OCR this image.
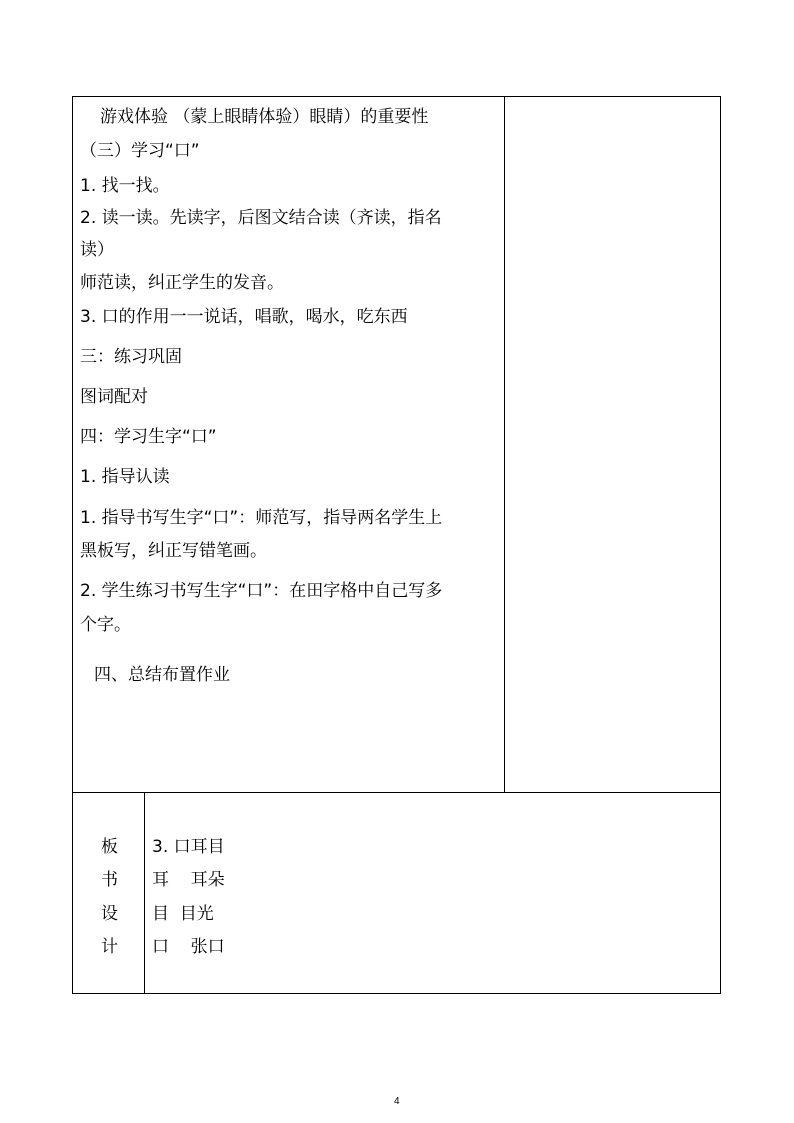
游戏体验 （蒙上眼睛体验）眼睛）的重要性
（三）学习“口”
1. 找一找。
2. 读一读。先读字，后图文结合读（齐读，指名
读）
师范读，纠正学生的发音。
3. 口的作用一一说话，唱歌，喝水，吃东西
三：练习巩固
图词配对
四：学习生字“口”
1. 指导认读
1. 指导书写生字“口”：师范写，指导两名学生上
黑板写，纠正写错笔画。
2. 学生练习书写生字“口”：在田字格中自己写多
个字。
四、总结布置作业
板
书
设
计
3. 口耳目
耳    耳朵
目  目光
口    张口
4
